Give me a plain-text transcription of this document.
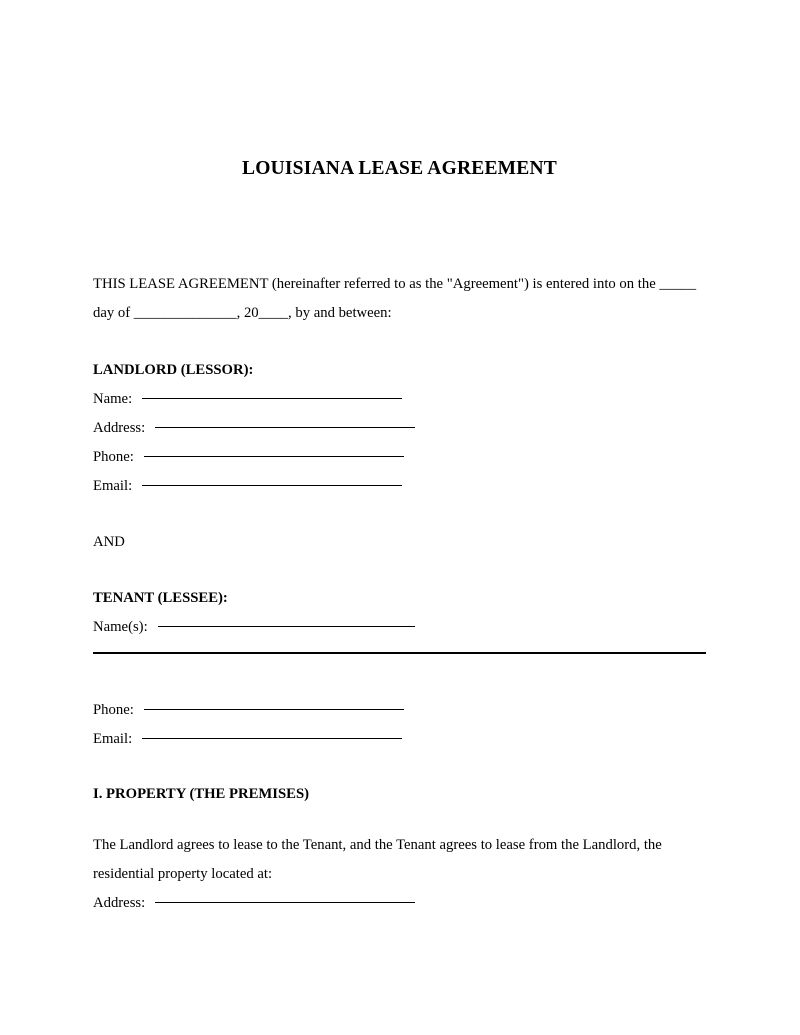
LOUISIANA LEASE AGREEMENT

THIS LEASE AGREEMENT (hereinafter referred to as the "Agreement") is entered into on the _____ day of ______________, 20____, by and between:

LANDLORD (LESSOR):
Name:
Address:
Phone:
Email:
AND
TENANT (LESSEE):
Name(s):
Phone:
Email:
I. PROPERTY (THE PREMISES)

The Landlord agrees to lease to the Tenant, and the Tenant agrees to lease from the Landlord, the residential property located at:

Address:
